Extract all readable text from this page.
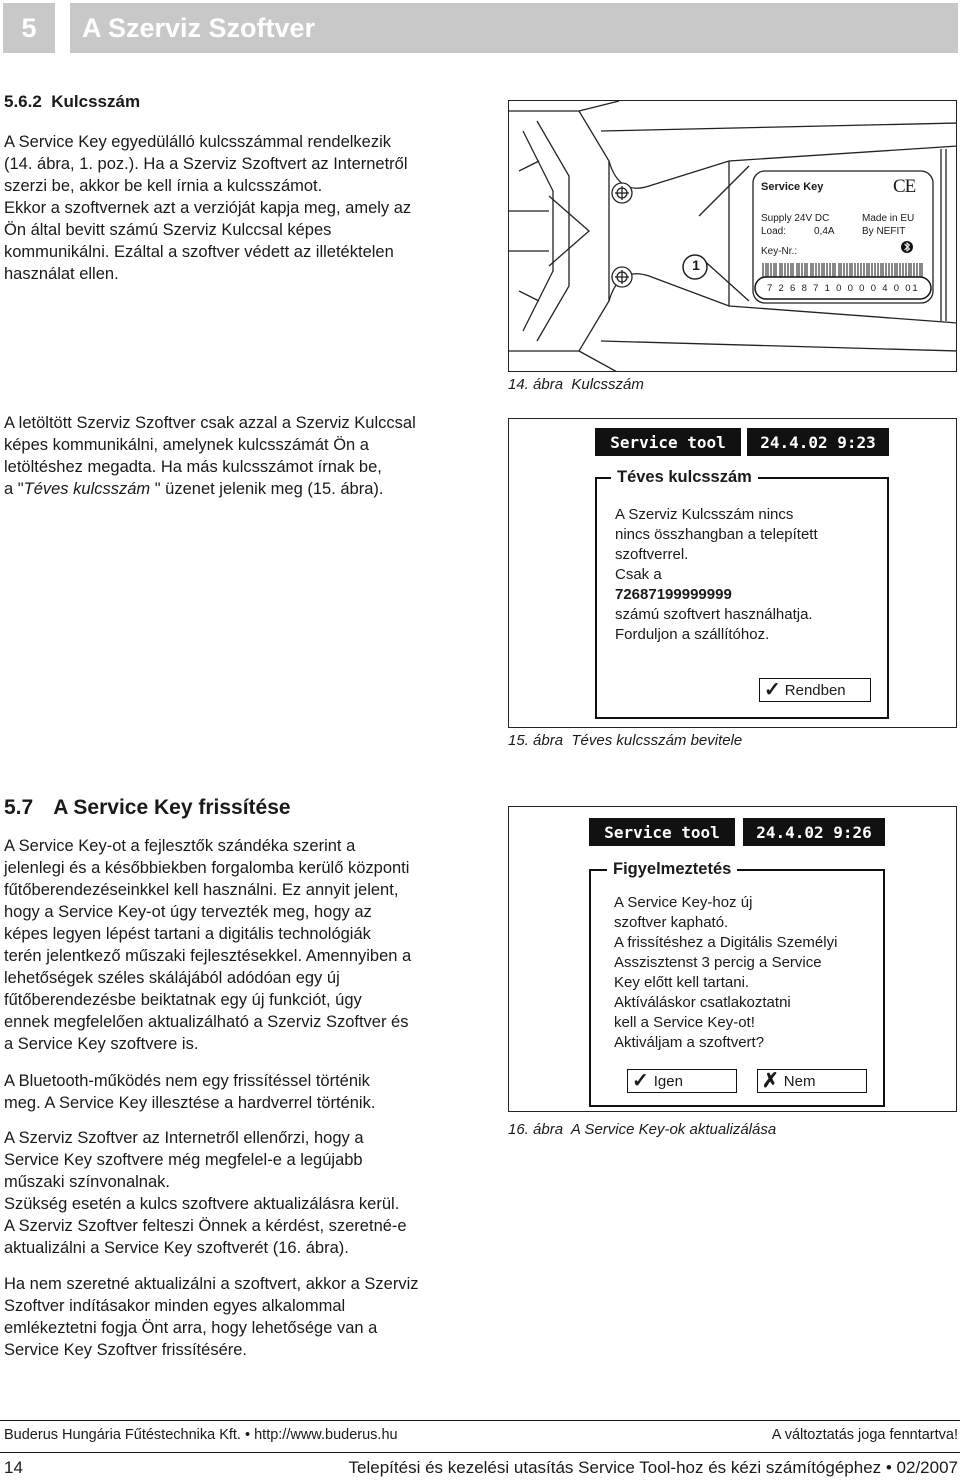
5 A Szerviz Szoftver
5.6.2  Kulcsszám
A Service Key egyedülálló kulcsszámmal rendelkezik
(14. ábra, 1. poz.). Ha a Szerviz Szoftvert az Internetről
szerzi be, akkor be kell írnia a kulcsszámot.
Ekkor a szoftvernek azt a verzióját kapja meg, amely az
Ön által bevitt számú Szerviz Kulccsal képes
kommunikálni. Ezáltal a szoftver védett az illetéktelen
használat ellen.
A letöltött Szerviz Szoftver csak azzal a Szerviz Kulccsal
képes kommunikálni, amelynek kulcsszámát Ön a
letöltéshez megadta. Ha más kulcsszámot írnak be,
a "Téves kulcsszám " üzenet jelenik meg (15. ábra).
1
Service Key	CE
Supply 24V DC
Load:	0,4A
Made in EU
By NEFIT
Key-Nr.:
7 2 6 8 7 1 0 0 0 0 4 0 01
14. ábra  Kulcsszám
Service tool	24.4.02 9:23
Téves kulcsszám
A Szerviz Kulcsszám nincs
nincs összhangban a telepített
szoftverrel.
Csak a
72687199999999
számú szoftvert használhatja.
Forduljon a szállítóhoz.
✓ Rendben
15. ábra  Téves kulcsszám bevitele
5.7 A Service Key frissítése
A Service Key-ot a fejlesztők szándéka szerint a
jelenlegi és a későbbiekben forgalomba kerülő központi
fűtőberendezéseinkkel kell használni. Ez annyit jelent,
hogy a Service Key-ot úgy tervezték meg, hogy az
képes legyen lépést tartani a digitális technológiák
terén jelentkező műszaki fejlesztésekkel. Amennyiben a
lehetőségek széles skálájából adódóan egy új
fűtőberendezésbe beiktatnak egy új funkciót, úgy
ennek megfelelően aktualizálható a Szerviz Szoftver és
a Service Key szoftvere is.
A Bluetooth-működés nem egy frissítéssel történik
meg. A Service Key illesztése a hardverrel történik.
A Szerviz Szoftver az Internetről ellenőrzi, hogy a
Service Key szoftvere még megfelel-e a legújabb
műszaki színvonalnak.
Szükség esetén a kulcs szoftvere aktualizálásra kerül.
A Szerviz Szoftver felteszi Önnek a kérdést, szeretné-e
aktualizálni a Service Key szoftverét (16. ábra).
Ha nem szeretné aktualizálni a szoftvert, akkor a Szerviz
Szoftver indításakor minden egyes alkalommal
emlékeztetni fogja Önt arra, hogy lehetősége van a
Service Key Szoftver frissítésére.
Service tool	24.4.02 9:26
Figyelmeztetés
A Service Key-hoz új
szoftver kapható.
A frissítéshez a Digitális Személyi
Asszisztenst 3 percig a Service
Key előtt kell tartani.
Aktíváláskor csatlakoztatni
kell a Service Key-ot!
Aktiváljam a szoftvert?
✓ Igen	✗ Nem
16. ábra  A Service Key-ok aktualizálása
Buderus Hungária Fűtéstechnika Kft. • http://www.buderus.hu	A változtatás joga fenntartva!
14	Telepítési és kezelési utasítás Service Tool-hoz és kézi számítógéphez • 02/2007
